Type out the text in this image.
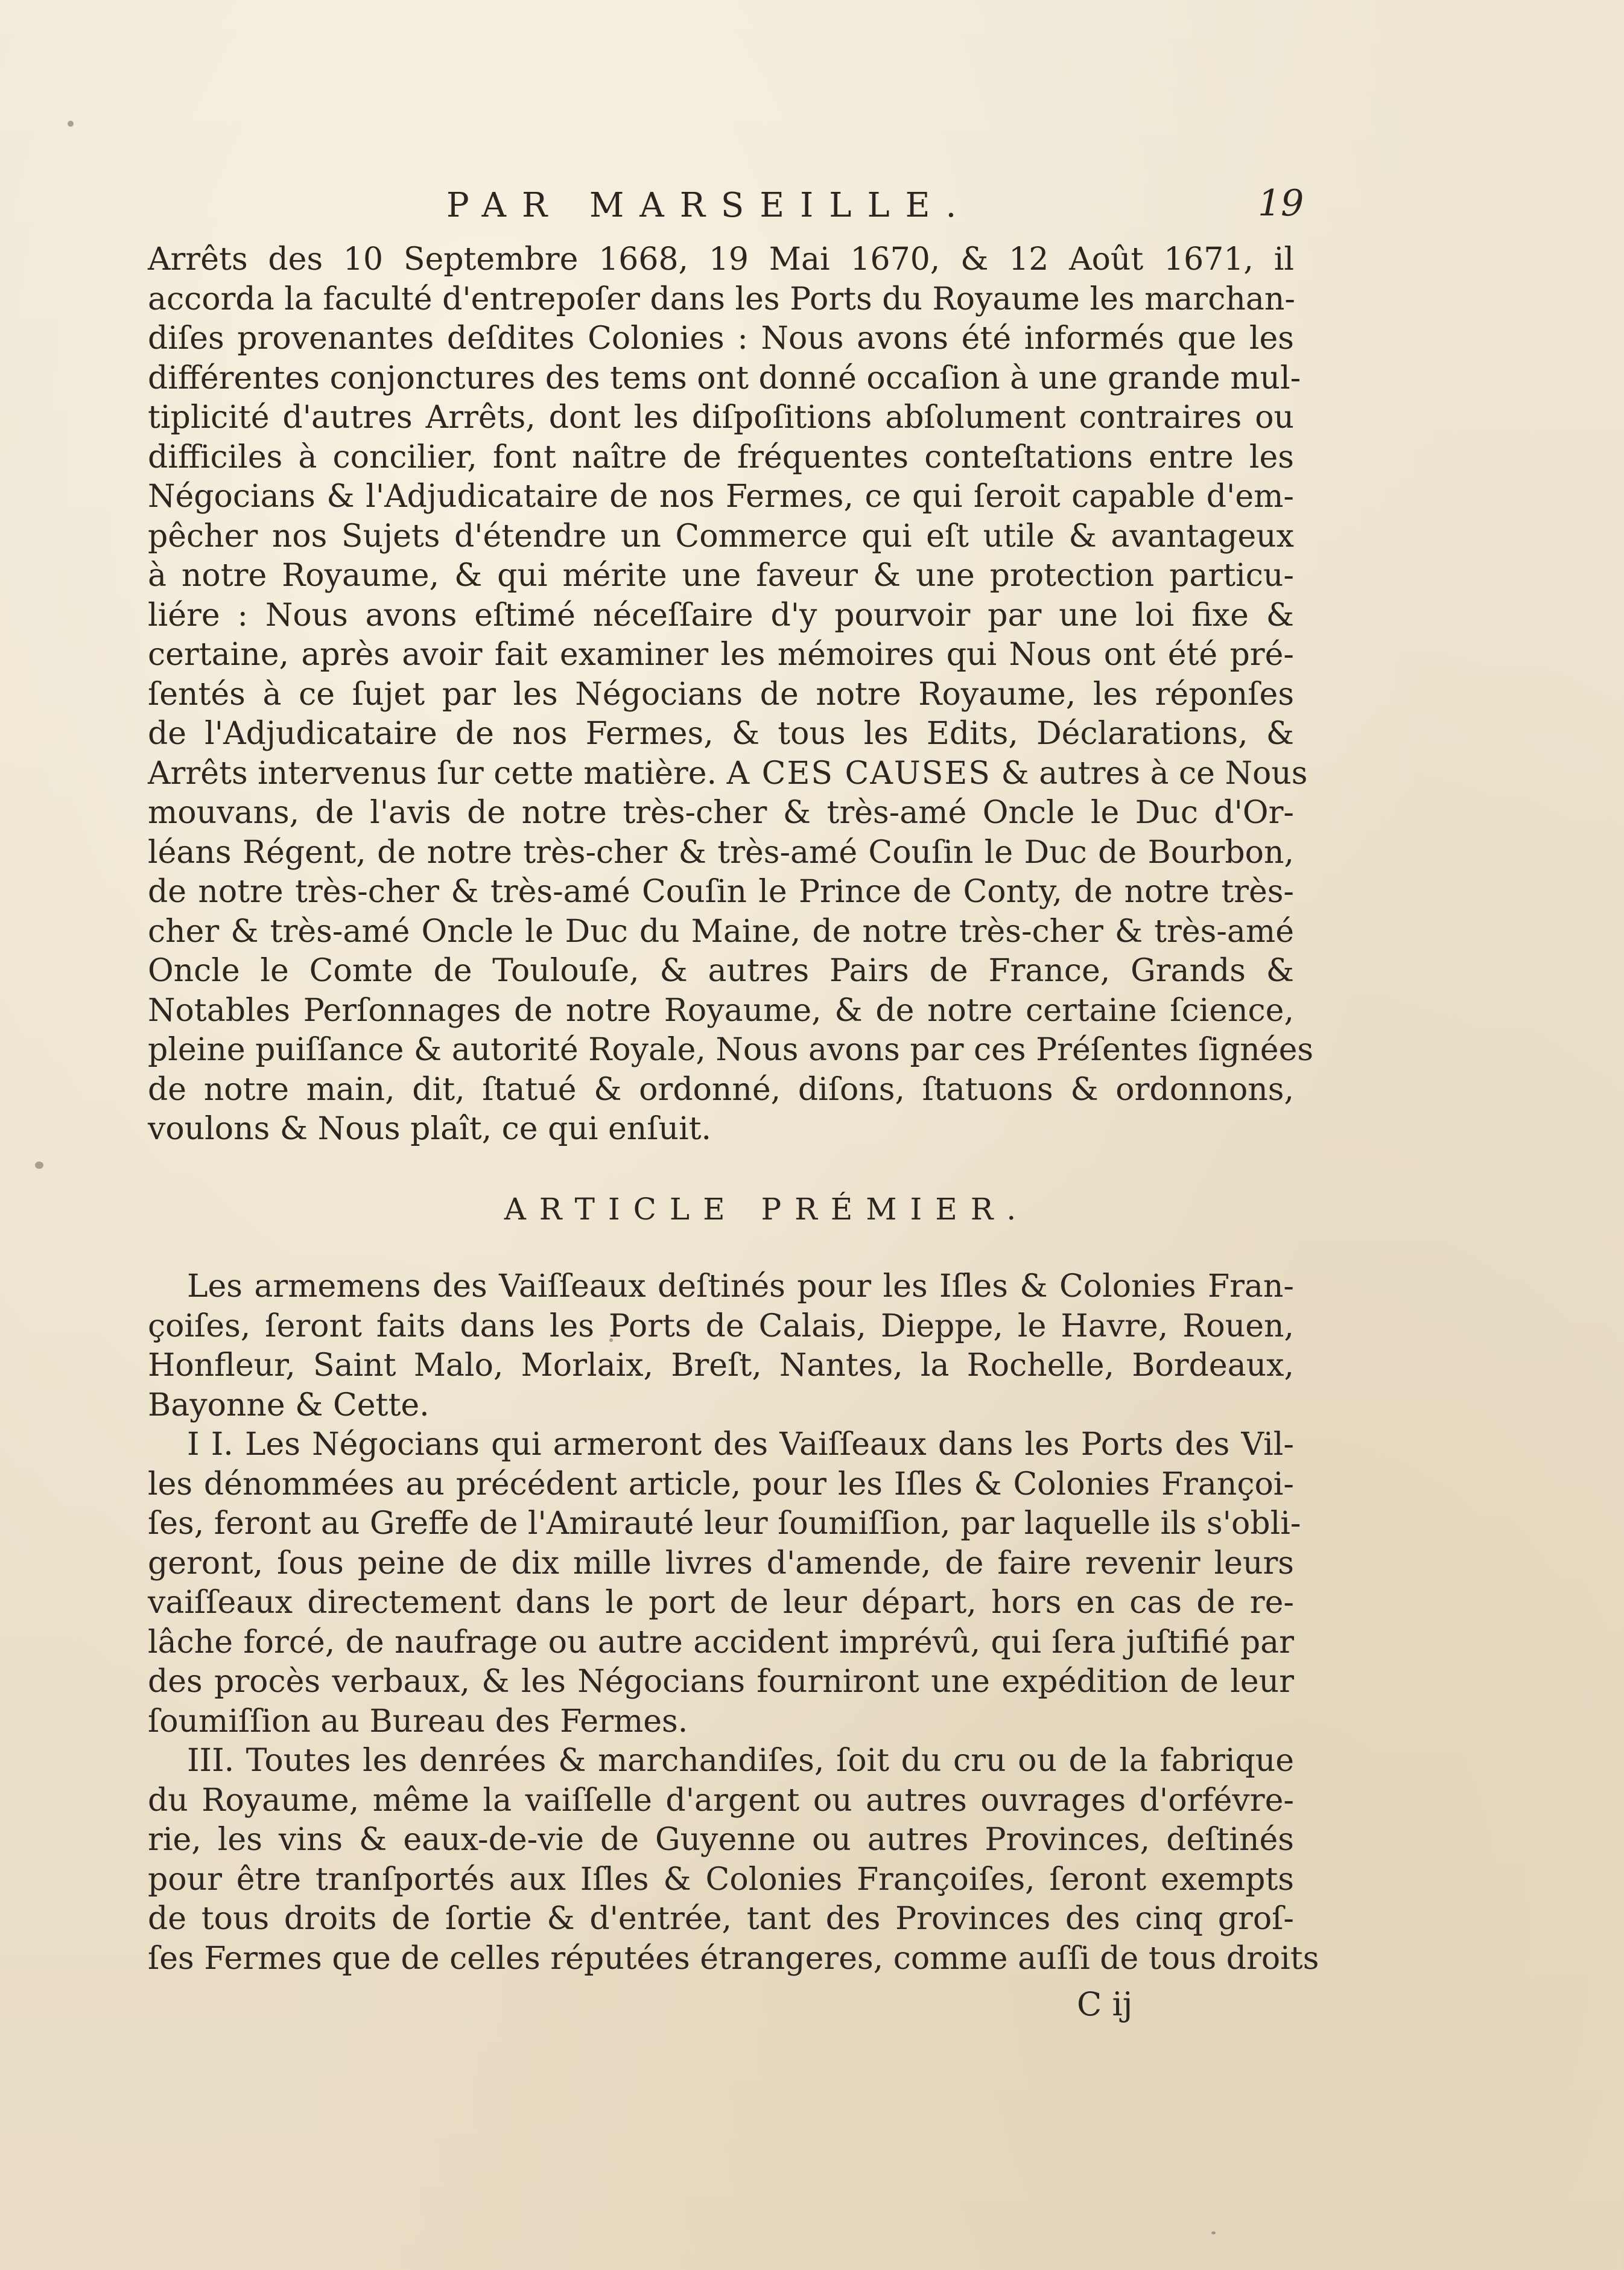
PAR MARSEILLE.	19
Arrêts des 10 Septembre 1668, 19 Mai 1670, & 12 Août 1671, il
accorda la faculté d'entrepoſer dans les Ports du Royaume les marchan-
diſes provenantes deſdites Colonies : Nous avons été informés que les
différentes conjonctures des tems ont donné occaſion à une grande mul-
tiplicité d'autres Arrêts, dont les diſpoſitions abſolument contraires ou
difficiles à concilier, font naître de fréquentes conteſtations entre les
Négocians & l'Adjudicataire de nos Fermes, ce qui ſeroit capable d'em-
pêcher nos Sujets d'étendre un Commerce qui eſt utile & avantageux
à notre Royaume, & qui mérite une faveur & une protection particu-
liére : Nous avons eſtimé néceſſaire d'y pourvoir par une loi fixe &
certaine, après avoir fait examiner les mémoires qui Nous ont été pré-
ſentés à ce ſujet par les Négocians de notre Royaume, les réponſes
de l'Adjudicataire de nos Fermes, & tous les Edits, Déclarations, &
Arrêts intervenus ſur cette matière. A CES CAUSES & autres à ce Nous
mouvans, de l'avis de notre très-cher & très-amé Oncle le Duc d'Or-
léans Régent, de notre très-cher & très-amé Couſin le Duc de Bourbon,
de notre très-cher & très-amé Couſin le Prince de Conty, de notre très-
cher & très-amé Oncle le Duc du Maine, de notre très-cher & très-amé
Oncle le Comte de Toulouſe, & autres Pairs de France, Grands &
Notables Perſonnages de notre Royaume, & de notre certaine ſcience,
pleine puiſſance & autorité Royale, Nous avons par ces Préſentes ſignées
de notre main, dit, ſtatué & ordonné, diſons, ſtatuons & ordonnons,
voulons & Nous plaît, ce qui enſuit.
ARTICLE PRÉMIER.
Les armemens des Vaiſſeaux deſtinés pour les Iſles & Colonies Fran-
çoiſes, ſeront faits dans les Ports de Calais, Dieppe, le Havre, Rouen,
Honfleur, Saint Malo, Morlaix, Breſt, Nantes, la Rochelle, Bordeaux,
Bayonne & Cette.
I I. Les Négocians qui armeront des Vaiſſeaux dans les Ports des Vil-
les dénommées au précédent article, pour les Iſles & Colonies Françoi-
ſes, feront au Greffe de l'Amirauté leur ſoumiſſion, par laquelle ils s'obli-
geront, ſous peine de dix mille livres d'amende, de faire revenir leurs
vaiſſeaux directement dans le port de leur départ, hors en cas de re-
lâche forcé, de naufrage ou autre accident imprévû, qui ſera juſtifié par
des procès verbaux, & les Négocians fourniront une expédition de leur
ſoumiſſion au Bureau des Fermes.
III. Toutes les denrées & marchandiſes, ſoit du cru ou de la fabrique
du Royaume, même la vaiſſelle d'argent ou autres ouvrages d'orfévre-
rie, les vins & eaux-de-vie de Guyenne ou autres Provinces, deſtinés
pour être tranſportés aux Iſles & Colonies Françoiſes, ſeront exempts
de tous droits de ſortie & d'entrée, tant des Provinces des cinq groſ-
ſes Fermes que de celles réputées étrangeres, comme auſſi de tous droits
C ij
